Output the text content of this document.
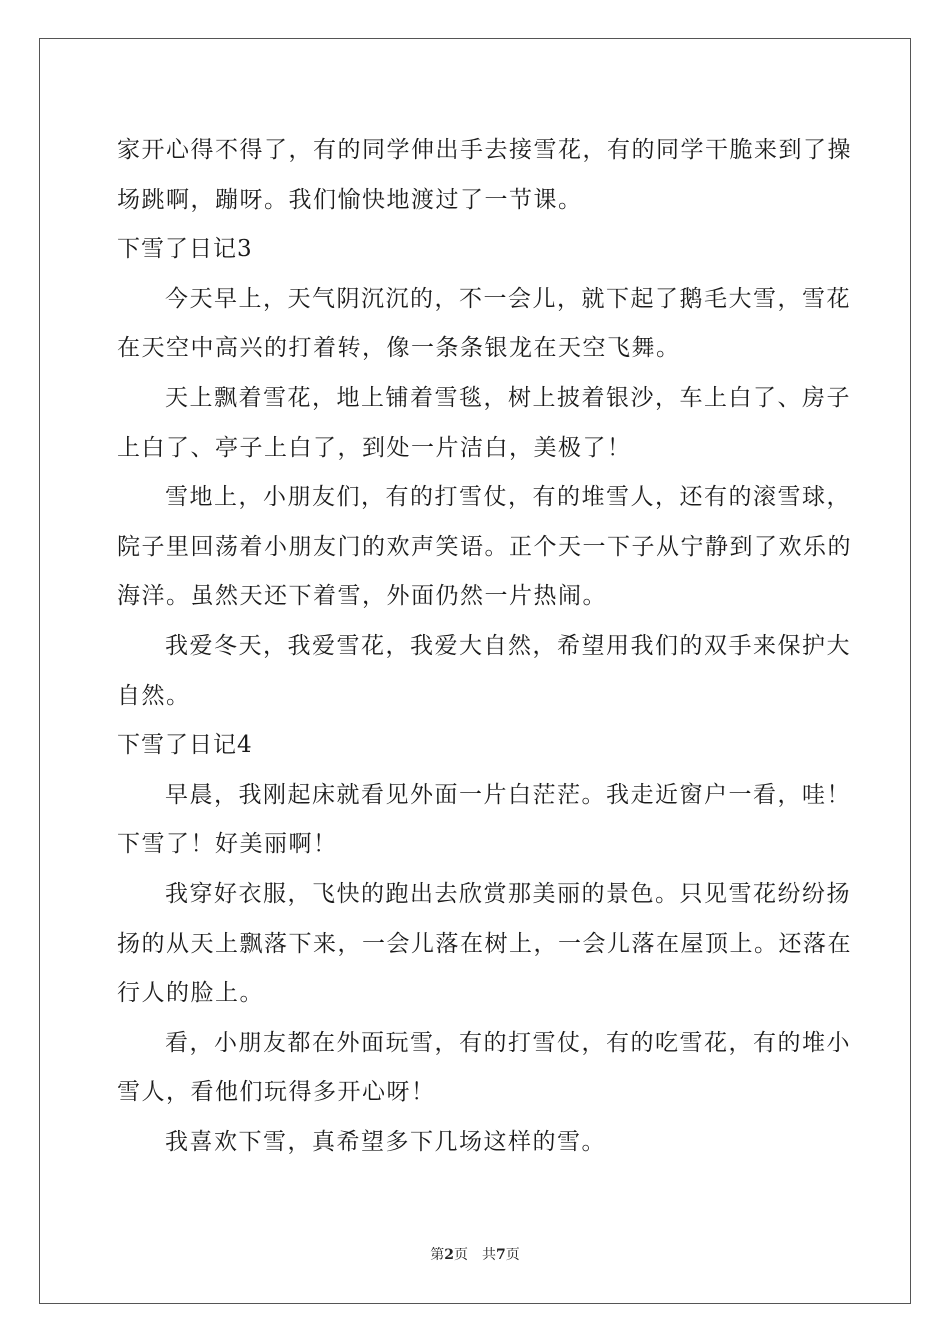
家开心得不得了，有的同学伸出手去接雪花，有的同学干脆来到了操
场跳啊，蹦呀。我们愉快地渡过了一节课。
下雪了日记3
今天早上，天气阴沉沉的，不一会儿，就下起了鹅毛大雪，雪花
在天空中高兴的打着转，像一条条银龙在天空飞舞。
天上飘着雪花，地上铺着雪毯，树上披着银沙，车上白了、房子
上白了、亭子上白了，到处一片洁白，美极了！
雪地上，小朋友们，有的打雪仗，有的堆雪人，还有的滚雪球，
院子里回荡着小朋友门的欢声笑语。正个天一下子从宁静到了欢乐的
海洋。虽然天还下着雪，外面仍然一片热闹。
我爱冬天，我爱雪花，我爱大自然，希望用我们的双手来保护大
自然。
下雪了日记4
早晨，我刚起床就看见外面一片白茫茫。我走近窗户一看，哇！
下雪了！好美丽啊！
我穿好衣服，飞快的跑出去欣赏那美丽的景色。只见雪花纷纷扬
扬的从天上飘落下来，一会儿落在树上，一会儿落在屋顶上。还落在
行人的脸上。
看，小朋友都在外面玩雪，有的打雪仗，有的吃雪花，有的堆小
雪人，看他们玩得多开心呀！
我喜欢下雪，真希望多下几场这样的雪。
第2页 共7页
